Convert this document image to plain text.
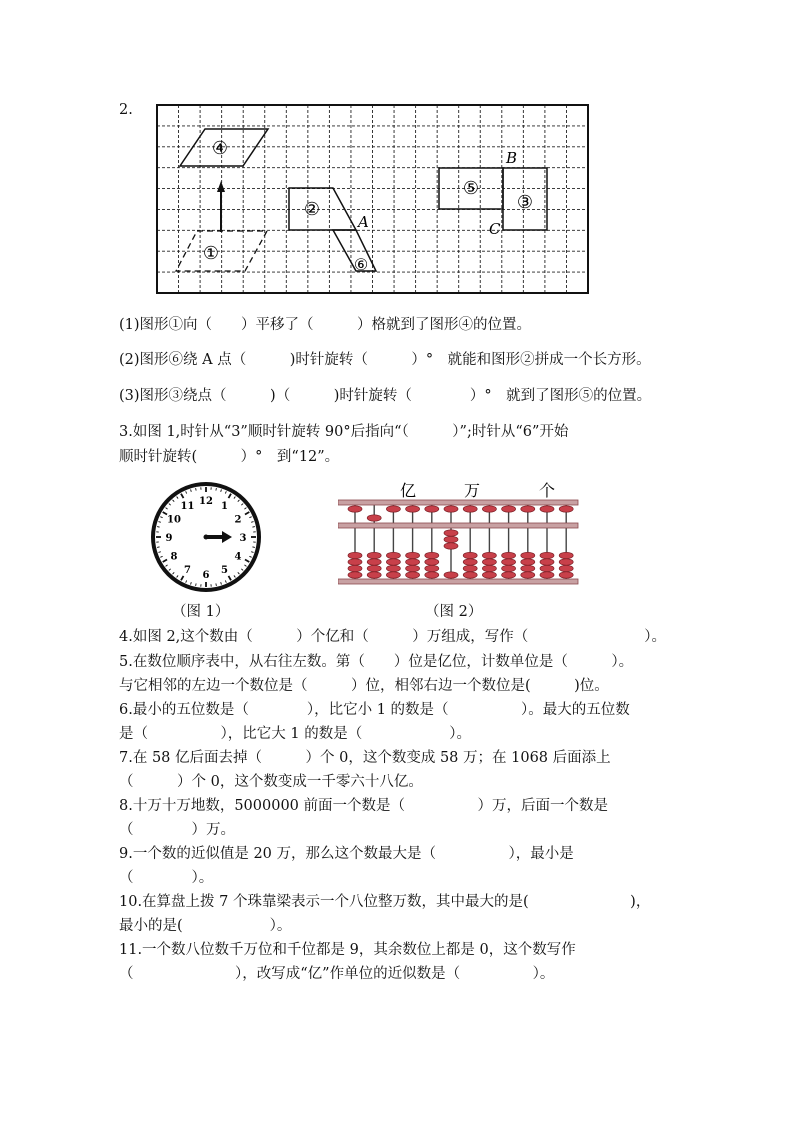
2.
④
②
①
⑤
③
⑥
B
A	C
(1)图形①向（　　）平移了（　　　）格就到了图形④的位置。
(2)图形⑥绕 A 点（　　　)时针旋转（　　　）°　就能和图形②拼成一个长方形。
(3)图形③绕点（　　　)（　　　)时针旋转（　　　　）°　就到了图形⑤的位置。
3.如图 1,时针从“3”顺时针旋转 90°后指向“（　　　）”;时针从“6”开始
顺时针旋转(　　　）°　到“12”。
12 1
2
3
4
5
6
7
8
9
10
11
亿	万	个
（图 1）	（图 2）
4.如图 2,这个数由（　　　）个亿和（　　　）万组成，写作（　　　　　　　　）。
5.在数位顺序表中，从右往左数。第（　　）位是亿位，计数单位是（　　　）。
与它相邻的左边一个数位是（　　　）位，相邻右边一个数位是(　　　)位。
6.最小的五位数是（　　　　），比它小 1 的数是（　　　　　）。最大的五位数
是（　　　　　），比它大 1 的数是（　　　　　　）。
7.在 58 亿后面去掉（　　　）个 0，这个数变成 58 万；在 1068 后面添上
（　　　）个 0，这个数变成一千零六十八亿。
8.十万十万地数，5000000 前面一个数是（　　　　　）万，后面一个数是
（　　　　）万。
9.一个数的近似值是 20 万，那么这个数最大是（　　　　　），最小是
（　　　　）。
10.在算盘上拨 7 个珠靠梁表示一个八位整万数，其中最大的是(　　　　　　　)，
最小的是(　　　　　　）。
11.一个数八位数千万位和千位都是 9，其余数位上都是 0，这个数写作
（　　　　　　　），改写成“亿”作单位的近似数是（　　　　　）。
